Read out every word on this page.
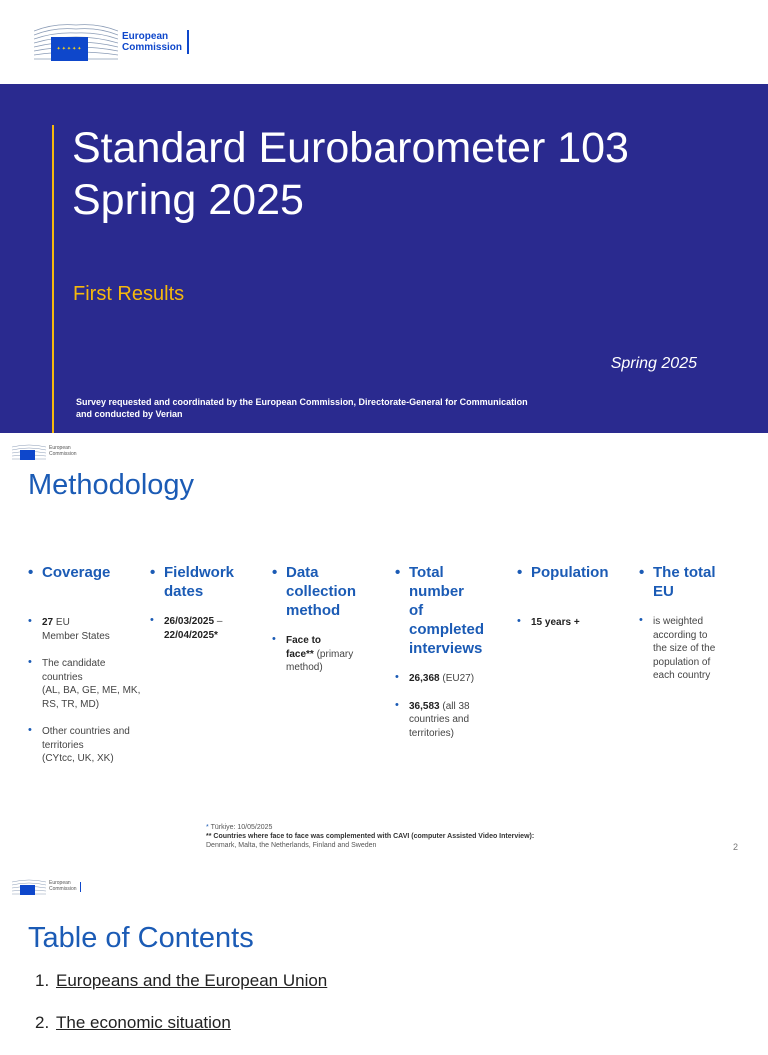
✦✦✦✦✦
European
Commission
Standard Eurobarometer 103
Spring 2025
First Results
Spring 2025
Survey requested and coordinated by the European Commission, Directorate-General for Communication
and conducted by Verian
European
Commission
Methodology
• Coverage
• 27 EU
Member States
• The candidate
countries
(AL, BA, GE, ME, MK,
RS, TR, MD)
• Other countries and
territories
(CYtcc, UK, XK)
• Fieldwork
dates
• 26/03/2025 –
22/04/2025*
• Data
collection
method
• Face to
face** (primary
method)
• Total
number
of
completed
interviews
• 26,368 (EU27)
• 36,583 (all 38
countries and
territories)
• Population
• 15 years +
• The total
EU
• is weighted
according to
the size of the
population of
each country
* Türkiye: 10/05/2025
** Countries where face to face was complemented with CAVI (computer Assisted Video Interview):
Denmark, Malta, the Netherlands, Finland and Sweden	2
European
Commission
Table of Contents
1. Europeans and the European Union
2. The economic situation
